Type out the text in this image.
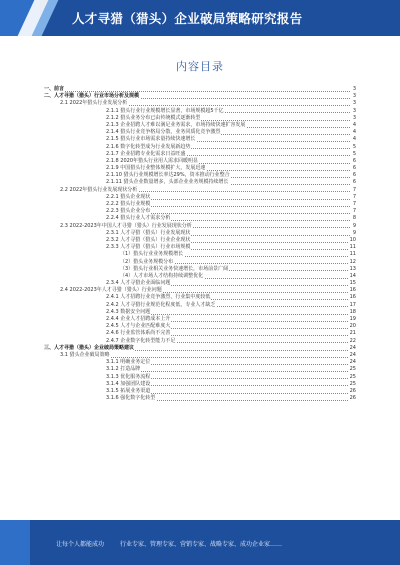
人才寻猎（猎头）企业破局策略研究报告
内容目录
一、前言	3
二、人才寻猎（猎头）行业市场分析及规模	3
2.1 2022年猎头行业发展分析	3
2.1.1 猎头行业行业规模增长显著，市场规模超5千亿	3
2.1.2 猎头业务分布已由传统模式逐渐转型	3
2.1.3 企业招聘人才难以满足业务需求，市场持续快速扩容发展	4
2.1.4 猎头行业竞争格局分散，业务同质化竞争激烈	4
2.1.5 猎头行业市场需求量持续快速增长	4
2.1.6 数字化转型成为行业发展新趋势	5
2.1.7 企业招聘专业化需求日益旺盛	5
2.1.8 2020年猎头行业用人需求回暖明显	6
2.1.9 中国猎头行业整体规模扩大，发展迅速	6
2.1.10 猎头行业规模增长率达29%，资本推动行业整合	6
2.1.11 猎头企业数量增多，头部企业业务规模持续增长	6
2.2 2022年猎头行业发展现状分析	7
2.2.1 猎头企业现状	7
2.2.2 猎头行业规模	7
2.2.3 猎头企业分布	7
2.2.4 猎头行业人才需求分析	8
2.3 2022-2023年中国人才寻猎（猎头）行业发展现状分析	9
2.3.1 人才寻猎（猎头）行业发展现状	9
2.3.2 人才寻猎（猎头）行业企业现状	10
2.3.3 人才寻猎（猎头）行业市场规模	11
（1）猎头行业业务规模增长	11
（2）猎头业务规模分布	12
（3）猎头行业相关业务快速增长，市场前景广阔	13
（4）人才市场人才结构持续调整优化	14
2.3.4 人才寻猎企业面临问题	15
2.4 2022-2023年人才寻猎（猎头）行业问题	16
2.4.1 人才招聘行业竞争激烈，行业集中度较低	16
2.4.2 人才寻猎行业规范化程度低，专业人才缺乏	17
2.4.3 数据安全问题	18
2.4.4 企业人才招聘成本上升	19
2.4.5 人才与企业匹配难度大	20
2.4.6 行业监管体系尚不完善	21
2.4.7 企业数字化转型能力不足	22
三、人才寻猎（猎头）企业破局策略建议	24
3.1 猎头企业破局策略	24
3.1.1 明确业务定位	24
3.1.2 打造品牌	25
3.1.3 优化服务流程	25
3.1.4 加强团队建设	25
3.1.5 拓展业务渠道	26
3.1.6 强化数字化转型	26
让每个人都能成功	行业专家、管理专家、营销专家、战略专家、成功企业家……
